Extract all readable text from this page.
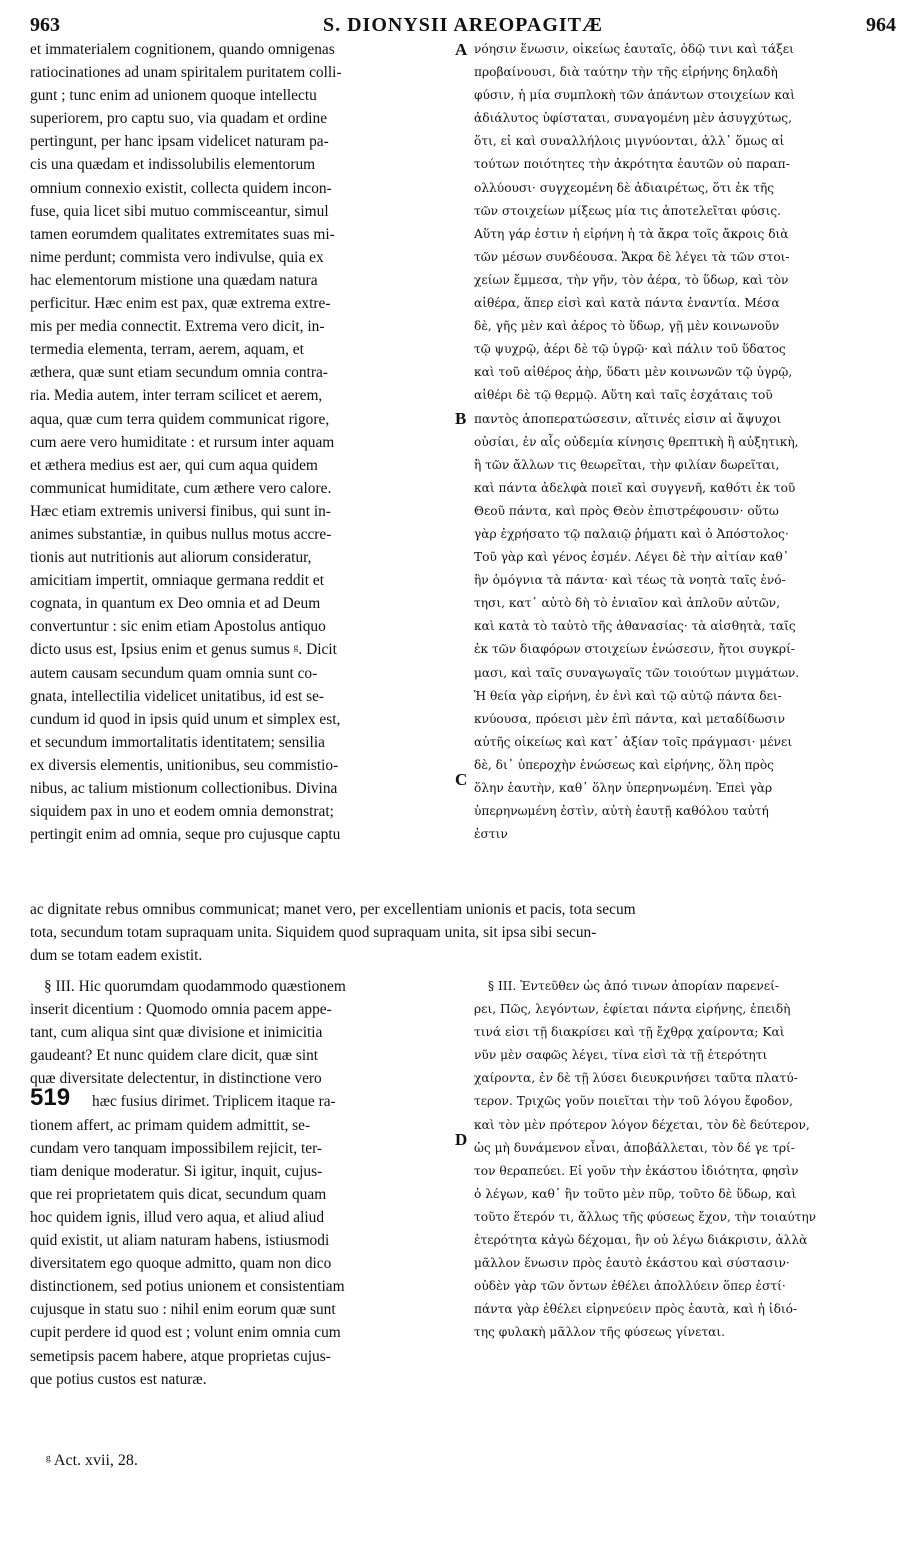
963	S. DIONYSII AREOPAGITÆ	964
et immaterialem cognitionem, quando omnigenas
ratiocinationes ad unam spiritalem puritatem colli-
gunt ; tunc enim ad unionem quoque intellectu
superiorem, pro captu suo, via quadam et ordine
pertingunt, per hanc ipsam videlicet naturam pa-
cis una quædam et indissolubilis elementorum
omnium connexio existit, collecta quidem incon-
fuse, quia licet sibi mutuo commisceantur, simul
tamen eorumdem qualitates extremitates suas mi-
nime perdunt; commista vero indivulse, quia ex
hac elementorum mistione una quædam natura
perficitur. Hæc enim est pax, quæ extrema extre-
mis per media connectit. Extrema vero dicit, in-
termedia elementa, terram, aerem, aquam, et
æthera, quæ sunt etiam secundum omnia contra-
ria. Media autem, inter terram scilicet et aerem,
aqua, quæ cum terra quidem communicat rigore,
cum aere vero humiditate : et rursum inter aquam
et æthera medius est aer, qui cum aqua quidem
communicat humiditate, cum æthere vero calore.
Hæc etiam extremis universi finibus, qui sunt in-
animes substantiæ, in quibus nullus motus accre-
tionis aut nutritionis aut aliorum consideratur,
amicitiam impertit, omniaque germana reddit et
cognata, in quantum ex Deo omnia et ad Deum
convertuntur : sic enim etiam Apostolus antiquo
dicto usus est, Ipsius enim et genus sumus ᵍ. Dicit
autem causam secundum quam omnia sunt co-
gnata, intellectilia videlicet unitatibus, id est se-
cundum id quod in ipsis quid unum et simplex est,
et secundum immortalitatis identitatem; sensilia
ex diversis elementis, unitionibus, seu commistio-
nibus, ac talium mistionum collectionibus. Divina
siquidem pax in uno et eodem omnia demonstrat;
pertingit enim ad omnia, seque pro cujusque captu
νόησιν ἕνωσιν, οἰκείως ἑαυταῖς, ὁδῷ τινι καὶ τάξει
προβαίνουσι, διὰ ταύτην τὴν τῆς εἰρήνης δηλαδὴ
φύσιν, ἡ μία συμπλοκὴ τῶν ἁπάντων στοιχείων καὶ
ἀδιάλυτος ὑφίσταται, συναγομένη μὲν ἀσυγχύτως,
ὅτι, εἰ καὶ συναλλήλοις μιγνύονται, ἀλλ᾽ ὅμως αἱ
τούτων ποιότητες τὴν ἀκρότητα ἑαυτῶν οὐ παραπ-
ολλύουσι· συγχεομένη δὲ ἀδιαιρέτως, ὅτι ἐκ τῆς
τῶν στοιχείων μίξεως μία τις ἀποτελεῖται φύσις.
Αὕτη γάρ ἐστιν ἡ εἰρήνη ἡ τὰ ἄκρα τοῖς ἄκροις διὰ
τῶν μέσων συνδέουσα. Ἄκρα δὲ λέγει τὰ τῶν στοι-
χείων ἔμμεσα, τὴν γῆν, τὸν ἀέρα, τὸ ὕδωρ, καὶ τὸν
αἰθέρα, ἅπερ εἰσὶ καὶ κατὰ πάντα ἐναντία. Μέσα
δὲ, γῆς μὲν καὶ ἀέρος τὸ ὕδωρ, γῇ μὲν κοινωνοῦν
τῷ ψυχρῷ, ἀέρι δὲ τῷ ὑγρῷ· καὶ πάλιν τοῦ ὕδατος
καὶ τοῦ αἰθέρος ἀὴρ, ὕδατι μὲν κοινωνῶν τῷ ὑγρῷ,
αἰθέρι δὲ τῷ θερμῷ. Αὕτη καὶ ταῖς ἐσχάταις τοῦ
παντὸς ἀποπερατώσεσιν, αἵτινές εἰσιν αἱ ἄψυχοι
οὐσίαι, ἐν αἷς οὐδεμία κίνησις θρεπτικὴ ἢ αὐξητικὴ,
ἢ τῶν ἄλλων τις θεωρεῖται, τὴν φιλίαν δωρεῖται,
καὶ πάντα ἀδελφὰ ποιεῖ καὶ συγγενῆ, καθότι ἐκ τοῦ
Θεοῦ πάντα, καὶ πρὸς Θεὸν ἐπιστρέφουσιν· οὕτω
γὰρ ἐχρήσατο τῷ παλαιῷ ῥήματι καὶ ὁ Ἀπόστολος·
Τοῦ γὰρ καὶ γένος ἐσμέν. Λέγει δὲ τὴν αἰτίαν καθ᾽
ἣν ὁμόγνια τὰ πάντα· καὶ τέως τὰ νοητὰ ταῖς ἑνό-
τησι, κατ᾽ αὐτὸ δὴ τὸ ἑνιαῖον καὶ ἁπλοῦν αὐτῶν,
καὶ κατὰ τὸ ταὐτὸ τῆς ἀθανασίας· τὰ αἰσθητὰ, ταῖς
ἐκ τῶν διαφόρων στοιχείων ἑνώσεσιν, ἤτοι συγκρί-
μασι, καὶ ταῖς συναγωγαῖς τῶν τοιούτων μιγμάτων.
Ἡ θεία γὰρ εἰρήνη, ἐν ἑνὶ καὶ τῷ αὐτῷ πάντα δει-
κνύουσα, πρόεισι μὲν ἐπὶ πάντα, καὶ μεταδίδωσιν
αὐτῆς οἰκείως καὶ κατ᾽ ἀξίαν τοῖς πράγμασι· μένει
δὲ, δι᾽ ὑπεροχὴν ἑνώσεως καὶ εἰρήνης, ὅλη πρὸς
ὅλην ἑαυτὴν, καθ᾽ ὅλην ὑπερηνωμένη. Ἐπεὶ γὰρ
ὑπερηνωμένη ἐστὶν, αὐτὴ ἑαυτῇ καθόλου ταὐτή
ἐστιν
A
B
C
D
ac dignitate rebus omnibus communicat; manet vero, per excellentiam unionis et pacis, tota secum
tota, secundum totam supraquam unita. Siquidem quod supraquam unita, sit ipsa sibi secun-
dum se totam eadem existit.
§ III. Hic quorumdam quodammodo quæstionem
inserit dicentium : Quomodo omnia pacem appe-
tant, cum aliqua sint quæ divisione et inimicitia
gaudeant? Et nunc quidem clare dicit, quæ sint
quæ diversitate delectentur, in distinctione vero
hæc fusius dirimet. Triplicem itaque ra-
tionem affert, ac primam quidem admittit, se-
cundam vero tanquam impossibilem rejicit, ter-
tiam denique moderatur. Si igitur, inquit, cujus-
que rei proprietatem quis dicat, secundum quam
hoc quidem ignis, illud vero aqua, et aliud aliud
quid existit, ut aliam naturam habens, istiusmodi
diversitatem ego quoque admitto, quam non dico
distinctionem, sed potius unionem et consistentiam
cujusque in statu suo : nihil enim eorum quæ sunt
cupit perdere id quod est ; volunt enim omnia cum
semetipsis pacem habere, atque proprietas cujus-
que potius custos est naturæ.
§ III. Ἐντεῦθεν ὡς ἀπό τινων ἀπορίαν παρενεί-
ρει, Πῶς, λεγόντων, ἐφίεται πάντα εἰρήνης, ἐπειδὴ
τινά εἰσι τῇ διακρίσει καὶ τῇ ἔχθρᾳ χαίροντα; Καὶ
νῦν μὲν σαφῶς λέγει, τίνα εἰσὶ τὰ τῇ ἑτερότητι
χαίροντα, ἐν δὲ τῇ λύσει διευκρινήσει ταῦτα πλατύ-
τερον. Τριχῶς γοῦν ποιεῖται τὴν τοῦ λόγου ἔφοδον,
καὶ τὸν μὲν πρότερον λόγον δέχεται, τὸν δὲ δεύτερον,
ὡς μὴ δυνάμενον εἶναι, ἀποβάλλεται, τὸν δέ γε τρί-
τον θεραπεύει. Εἰ γοῦν τὴν ἑκάστου ἰδιότητα, φησὶν
ὁ λέγων, καθ᾽ ἣν τοῦτο μὲν πῦρ, τοῦτο δὲ ὕδωρ, καὶ
τοῦτο ἕτερόν τι, ἄλλως τῆς φύσεως ἔχον, τὴν τοιαύτην
ἑτερότητα κἀγὼ δέχομαι, ἣν οὐ λέγω διάκρισιν, ἀλλὰ
μᾶλλον ἕνωσιν πρὸς ἑαυτὸ ἑκάστου καὶ σύστασιν·
οὐδὲν γὰρ τῶν ὄντων ἐθέλει ἀπολλύειν ὅπερ ἐστί·
πάντα γὰρ ἐθέλει εἰρηνεύειν πρὸς ἑαυτὰ, καὶ ἡ ἰδιό-
της φυλακὴ μᾶλλον τῆς φύσεως γίνεται.
519
ᵍ Act. xvii, 28.
